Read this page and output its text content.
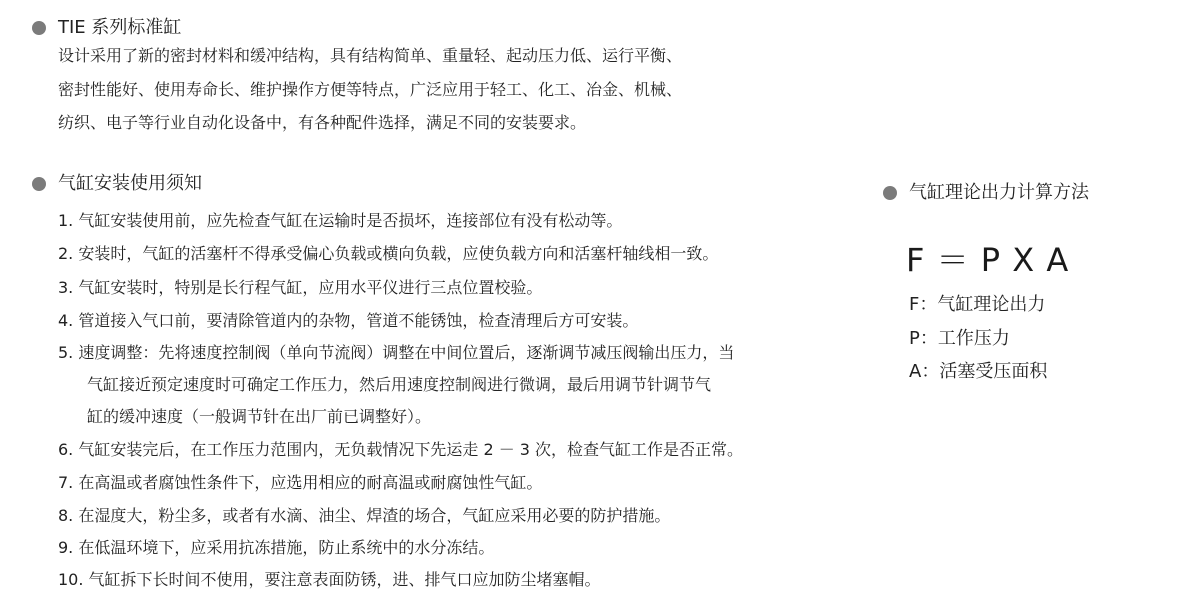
TIE 系列标准缸
设计采用了新的密封材料和缓冲结构，具有结构简单、重量轻、起动压力低、运行平衡、
密封性能好、使用寿命长、维护操作方便等特点，广泛应用于轻工、化工、冶金、机械、
纺织、电子等行业自动化设备中，有各种配件选择，满足不同的安装要求。
气缸安装使用须知
1. 气缸安装使用前，应先检查气缸在运输时是否损坏，连接部位有没有松动等。
2. 安装时，气缸的活塞杆不得承受偏心负载或横向负载，应使负载方向和活塞杆轴线相一致。
3. 气缸安装时，特别是长行程气缸，应用水平仪进行三点位置校验。
4. 管道接入气口前，要清除管道内的杂物，管道不能锈蚀，检查清理后方可安装。
5. 速度调整：先将速度控制阀（单向节流阀）调整在中间位置后，逐渐调节减压阀输出压力，当
气缸接近预定速度时可确定工作压力，然后用速度控制阀进行微调，最后用调节针调节气
缸的缓冲速度（一般调节针在出厂前已调整好）。
6. 气缸安装完后，在工作压力范围内，无负载情况下先运走 2 － 3 次，检查气缸工作是否正常。
7. 在高温或者腐蚀性条件下，应选用相应的耐高温或耐腐蚀性气缸。
8. 在湿度大，粉尘多，或者有水滴、油尘、焊渣的场合，气缸应采用必要的防护措施。
9. 在低温环境下，应采用抗冻措施，防止系统中的水分冻结。
10. 气缸拆下长时间不使用，要注意表面防锈，进、排气口应加防尘堵塞帽。
气缸理论出力计算方法
F ＝ P X A
F：气缸理论出力
P：工作压力
A：活塞受压面积
